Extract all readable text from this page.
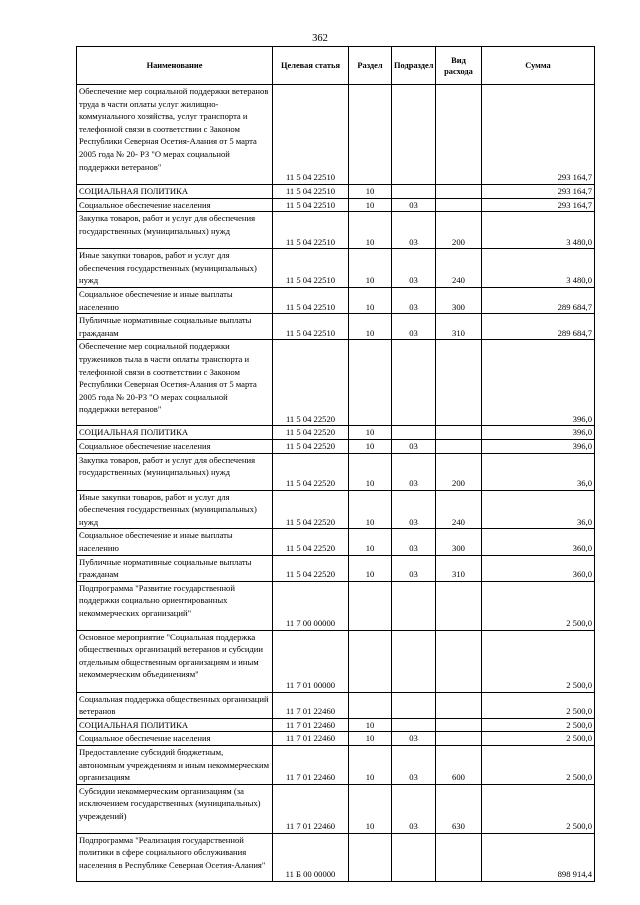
362
Наименование	Целевая статья	Раздел	Подраздел	Вид расхода	Сумма
Обеспечение мер социальной поддержки ветеранов труда в части оплаты услуг жилищно-коммунального хозяйства, услуг транспорта и телефонной связи в соответствии с Законом Республики Северная Осетия-Алания от 5 марта 2005 года № 20- РЗ "О мерах социальной поддержки ветеранов"	11 5 04 22510				293 164,7
СОЦИАЛЬНАЯ ПОЛИТИКА	11 5 04 22510	10			293 164,7
Социальное обеспечение населения	11 5 04 22510	10	03		293 164,7
Закупка товаров, работ и услуг для обеспечения государственных (муниципальных) нужд	11 5 04 22510	10	03	200	3 480,0
Иные закупки товаров, работ и услуг для обеспечения государственных (муниципальных) нужд	11 5 04 22510	10	03	240	3 480,0
Социальное обеспечение и иные выплаты населению	11 5 04 22510	10	03	300	289 684,7
Публичные нормативные социальные выплаты гражданам	11 5 04 22510	10	03	310	289 684,7
Обеспечение мер социальной поддержки тружеников тыла в части оплаты транспорта и телефонной связи в соответствии с Законом Республики Северная Осетия-Алания от 5 марта 2005 года № 20-РЗ "О мерах социальной поддержки ветеранов"	11 5 04 22520				396,0
СОЦИАЛЬНАЯ ПОЛИТИКА	11 5 04 22520	10			396,0
Социальное обеспечение населения	11 5 04 22520	10	03		396,0
Закупка товаров, работ и услуг для обеспечения государственных (муниципальных) нужд	11 5 04 22520	10	03	200	36,0
Иные закупки товаров, работ и услуг для обеспечения государственных (муниципальных) нужд	11 5 04 22520	10	03	240	36,0
Социальное обеспечение и иные выплаты населению	11 5 04 22520	10	03	300	360,0
Публичные нормативные социальные выплаты гражданам	11 5 04 22520	10	03	310	360,0
Подпрограмма "Развитие государственной поддержки социально ориентированных некоммерческих организаций"	11 7 00 00000				2 500,0
Основное мероприятие "Социальная поддержка общественных организаций ветеранов и субсидии отдельным общественным организациям и иным некоммерческим объединениям"	11 7 01 00000				2 500,0
Социальная поддержка общественных организаций ветеранов	11 7 01 22460				2 500,0
СОЦИАЛЬНАЯ ПОЛИТИКА	11 7 01 22460	10			2 500,0
Социальное обеспечение населения	11 7 01 22460	10	03		2 500,0
Предоставление субсидий бюджетным, автономным учреждениям и иным некоммерческим организациям	11 7 01 22460	10	03	600	2 500,0
Субсидии некоммерческим организациям (за исключением государственных (муниципальных) учреждений)	11 7 01 22460	10	03	630	2 500,0
Подпрограмма "Реализация государственной политики в сфере социального обслуживания населения в Республике Северная Осетия-Алания"	11 Б 00 00000				898 914,4
